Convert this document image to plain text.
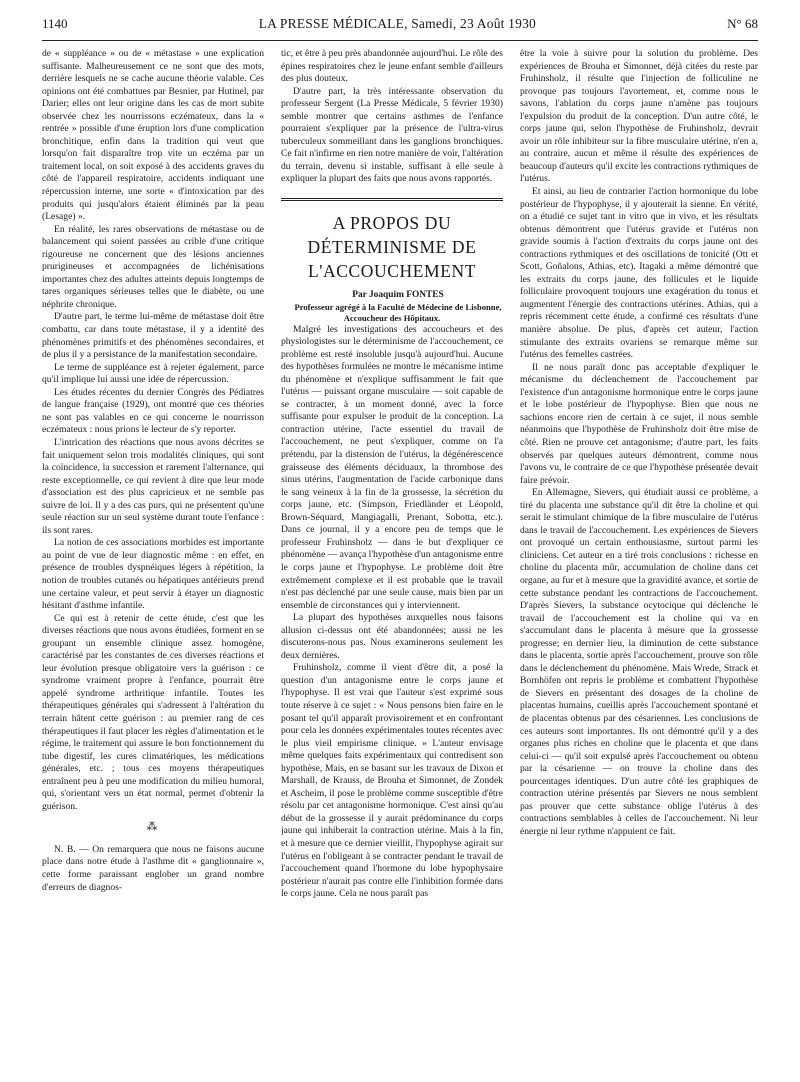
1140	LA PRESSE MÉDICALE, Samedi, 23 Août 1930	N° 68

de « suppléance » ou de « métastase » une explication suffisante. Malheureusement ce ne sont que des mots, derrière lesquels ne se cache aucune théorie valable. Ces opinions ont été combattues par Besnier, par Hutinel, par Darier; elles ont leur origine dans les cas de mort subite observée chez les nourrissons eczémateux, dans la « rentrée » possible d'une éruption lors d'une complication bronchitique, enfin dans la tradition qui veut que lorsqu'on fait disparaître trop vite un eczéma par un traitement local, on soit exposé à des accidents graves du côté de l'appareil respiratoire, accidents indiquant une répercussion interne, une sorte « d'intoxication par des produits qui jusqu'alors étaient éliminés par la peau (Lesage) ».

En réalité, les rares observations de métastase ou de balancement qui soient passées au crible d'une critique rigoureuse ne concernent que des lésions anciennes prurigineuses et accompagnées de lichénisations importantes chez des adultes atteints depuis longtemps de tares organiques sérieuses telles que le diabète, ou une néphrite chronique.

D'autre part, le terme lui-même de métastase doit être combattu, car dans toute métastase, il y a identité des phénomènes primitifs et des phénomènes secondaires, et de plus il y a persistance de la manifestation secondaire.

Le terme de suppléance est à rejeter également, parce qu'il implique lui aussi une idée de répercussion.

Les études récentes du dernier Congrès des Pédiatres de langue française (1929), ont montré que ces théories ne sont pas valables en ce qui concerne le nourrisson eczémateux : nous prions le lecteur de s'y reporter.

L'intrication des réactions que nous avons décrites se fait uniquement selon trois modalités cliniques, qui sont la coïncidence, la succession et rarement l'alternance, qui reste exceptionnelle, ce qui revient à dire que leur mode d'association est des plus capricieux et ne semble pas suivre de loi. Il y a des cas purs, qui ne présentent qu'une seule réaction sur un seul système durant toute l'enfance : ils sont rares.

La notion de ces associations morbides est importante au point de vue de leur diagnostic même : en effet, en présence de troubles dyspnéiques légers à répétition, la notion de troubles cutanés ou hépatiques antérieurs prend une certaine valeur, et peut servir à étayer un diagnostic hésitant d'asthme infantile.

Ce qui est à retenir de cette étude, c'est que les diverses réactions que nous avons étudiées, forment en se groupant un ensemble clinique assez homogène, caractérisé par les constantes de ces diverses réactions et leur évolution presque obligatoire vers la guérison : ce syndrome vraiment propre à l'enfance, pourrait être appelé syndrome arthritique infantile. Toutes les thérapeutiques générales qui s'adressent à l'altération du terrain hâtent cette guérison : au premier rang de ces thérapeutiques il faut placer les règles d'alimentation et le régime, le traitement qui assure le bon fonctionnement du tube digestif, les cures climatériques, les médications générales, etc. ; tous ces moyens thérapeutiques entraînent peu à peu une modification du milieu humoral, qui, s'orientant vers un état normal, permet d'obtenir la guérison.

⁂

N. B. — On remarquera que nous ne faisons aucune place dans notre étude à l'asthme dit « ganglionnaire », cette forme paraissant englober un grand nombre d'erreurs de diagnos-

tic, et être à peu près abandonnée aujourd'hui. Le rôle des épines respiratoires chez le jeune enfant semble d'ailleurs des plus douteux.

D'autre part, la très intéressante observation du professeur Sergent (La Presse Médicale, 5 février 1930) semble montrer que certains asthmes de l'enfance pourraient s'expliquer par la présence de l'ultra-virus tuberculeux sommeillant dans les ganglions bronchiques. Ce fait n'infirme en rien notre manière de voir, l'altération du terrain, devenu si instable, suffisant à elle seule à expliquer la plupart des faits que nous avons rapportés.

A PROPOS DU DÉTERMINISME DE L'ACCOUCHEMENT

Par Joaquim FONTES

Professeur agrégé à la Faculté de Médecine de Lisbonne, Accoucheur des Hôpitaux.

Malgré les investigations des accoucheurs et des physiologistes sur le déterminisme de l'accouchement, ce problème est resté insoluble jusqu'à aujourd'hui. Aucune des hypothèses formulées ne montre le mécanisme intime du phénomène et n'explique suffisamment le fait que l'utérus — puissant organe musculaire — soit capable de se contracter, à un moment donné, avec la force suffisante pour expulser le produit de la conception. La contraction utérine, l'acte essentiel du travail de l'accouchement, ne peut s'expliquer, comme on l'a prétendu, par la distension de l'utérus, la dégénérescence graisseuse des éléments déciduaux, la thrombose des sinus utérins, l'augmentation de l'acide carbonique dans le sang veineux à la fin de la grossesse, la sécrétion du corps jaune, etc. (Simpson, Friedländer et Léopold, Brown-Séquard, Mangiagalli, Prenant, Sobotta, etc.). Dans ce journal, il y a encore peu de temps que le professeur Fruhinsholz — dans le but d'expliquer ce phénomène — avança l'hypothèse d'un antagonisme entre le corps jaune et l'hypophyse. Le problème doit être extrêmement complexe et il est probable que le travail n'est pas déclenché par une seule cause, mais bien par un ensemble de circonstances qui y interviennent.

La plupart des hypothèses auxquelles nous faisons allusion ci-dessus ont été abandonnées; aussi ne les discuterons-nous pas. Nous examinerons seulement les deux dernières.

Fruhinsholz, comme il vient d'être dit, a posé la question d'un antagonisme entre le corps jaune et l'hypophyse. Il est vrai que l'auteur s'est exprimé sous toute réserve à ce sujet : « Nous pensons bien faire en le posant tel qu'il apparaît provisoirement et en confrontant pour cela les données expérimentales toutes récentes avec le plus vieil empirisme clinique. » L'auteur envisage même quelques faits expérimentaux qui contredisent son hypothèse, Mais, en se basant sur les travaux de Dixon et Marshall, de Krauss, de Brouha et Simonnet, de Zondek et Ascheim, il pose le problème comme susceptible d'être résolu par cet antagonisme hormonique. C'est ainsi qu'au début de la grossesse il y aurait prédominance du corps jaune qui inhiberait la contraction utérine. Mais à la fin, et à mesure que ce dernier vieillit, l'hypophyse agirait sur l'utérus en l'obligeant à se contracter pendant le travail de l'accouchement quand l'hormone du lobe hypophysaire postérieur n'aurait pas contre elle l'inhibition formée dans le corps jaune. Cela ne nous paraît pas

être la voie à suivre pour la solution du problème. Des expériences de Brouha et Simonnet, déjà citées du reste par Fruhinsholz, il résulte que l'injection de folliculine ne provoque pas toujours l'avortement, et, comme nous le savons, l'ablation du corps jaune n'amène pas toujours l'expulsion du produit de la conception. D'un autre côté, le corps jaune qui, selon l'hypothèse de Fruhinsholz, devrait avoir un rôle inhibiteur sur la fibre musculaire utérine, n'en a, au contraire, aucun et même il résulte des expériences de beaucoup d'auteurs qu'il excite les contractions rythmiques de l'utérus.

Et ainsi, au lieu de contrarier l'action hormonique du lobe postérieur de l'hypophyse, il y ajouterait la sienne. En vérité, on a étudié ce sujet tant in vitro que in vivo, et les résultats obtenus démontrent que l'utérus gravide et l'utérus non gravide soumis à l'action d'extraits du corps jaune ont des contractions rythmiques et des oscillations de tonicité (Ott et Scott, Goñalons, Athias, etc). Itagaki a même démontré que les extraits du corps jaune, des follicules et le liquide folliculaire provoquent toujours une exagération du tonus et augmentent l'énergie des contractions utérines. Athias, qui a repris récemment cette étude, a confirmé ces résultats d'une manière absolue. De plus, d'après cet auteur, l'action stimulante des extraits ovariens se remarque même sur l'utérus des femelles castrées.

Il ne nous paraît donc pas acceptable d'expliquer le mécanisme du déclenchement de l'accouchement par l'existence d'un antagonisme hormonique entre le corps jaune et le lobe postérieur de l'hypophyse. Bien que nous ne sachions encore rien de certain à ce sujet, il nous semble néanmoins que l'hypothèse de Fruhinsholz doit être mise de côté. Rien ne prouve cet antagonisme; d'autre part, les faits observés par quelques auteurs démontrent, comme nous l'avons vu, le contraire de ce que l'hypothèse présentée devait faire prévoir.

En Allemagne, Sievers, qui étudiait aussi ce problème, a tiré du placenta une substance qu'il dit être la choline et qui serait le stimulant chimique de la fibre musculaire de l'utérus dans le travail de l'accouchement. Les expériences de Sievers ont provoqué un certain enthousiasme, surtout parmi les cliniciens. Cet auteur en a tiré trois conclusions : richesse en choline du placenta mûr, accumulation de choline dans cet organe, au fur et à mesure que la gravidité avance, et sortie de cette substance pendant les contractions de l'accouchement. D'après Sievers, la substance ocytocique qui déclenche le travail de l'accouchement est la choline qui va en s'accumulant dans le placenta à mesure que la grossesse progresse; en dernier lieu, la diminution de cette substance dans le placenta, sortie après l'accouchement, prouve son rôle dans le déclenchement du phénomène. Mais Wrede, Strack et Bornhöfen ont repris le problème et combattent l'hypothèse de Sievers en présentant des dosages de la choline de placentas humains, cueillis après l'accouchement spontané et de placentas obtenus par des césariennes. Les conclusions de ces auteurs sont importantes. Ils ont démontré qu'il y a des organes plus riches en choline que le placenta et que dans celui-ci — qu'il soit expulsé après l'accouchement ou obtenu par la césarienne — on trouve la choline dans des pourcentages identiques. D'un autre côté les graphiques de contraction utérine présentés par Sievers ne nous semblent pas prouver que cette substance oblige l'utérus à des contractions semblables à celles de l'accouchement. Ni leur énergie ni leur rythme n'appuient ce fait.
